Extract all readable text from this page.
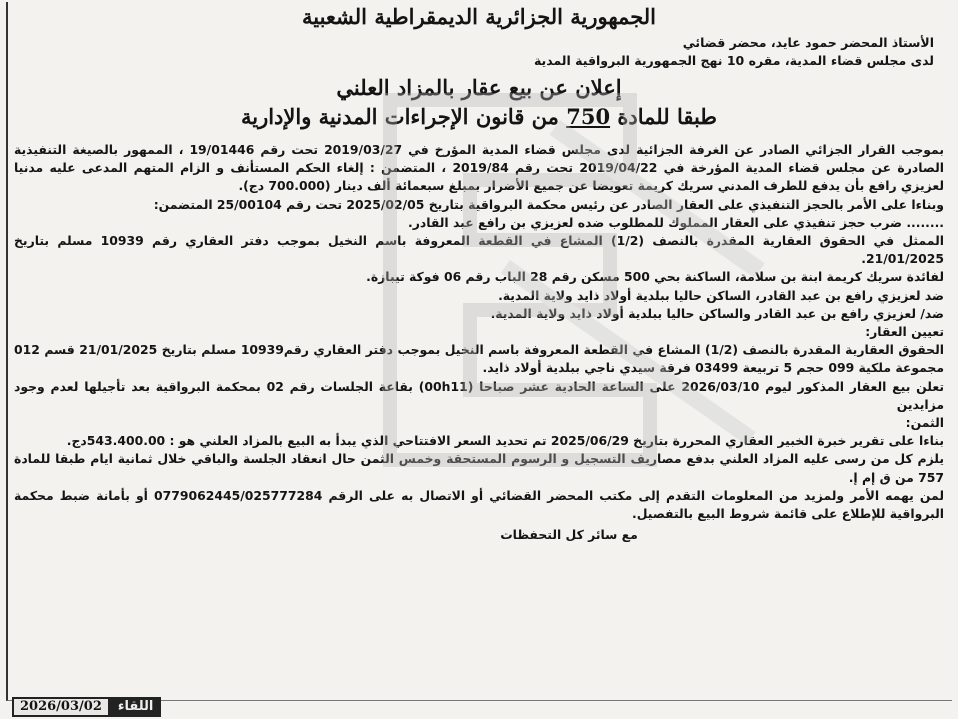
الجمهورية الجزائرية الديمقراطية الشعبية

الأستاذ المحضر حمود عايد، محضر قضائي

لدى مجلس قضاء المدية، مقره 10 نهج الجمهورية البرواقية المدية

إعلان عن بيع عقار بالمزاد العلني
طبقا للمادة 750 من قانون الإجراءات المدنية والإدارية

بموجب القرار الجزائي الصادر عن الغرفة الجزائية لدى مجلس قضاء المدية المؤرخ في 2019/03/27 تحت رقم 19/01446 ، الممهور بالصيغة التنفيذية الصادرة عن مجلس قضاء المدية المؤرخة في 2019/04/22 تحت رقم 2019/84 ، المتضمن : إلغاء الحكم المستأنف و الزام المتهم المدعى عليه مدنيا لعزيزي رافع بأن يدفع للطرف المدني سريك كريمة تعويضا عن جميع الأضرار بمبلغ سبعمائة ألف دينار (700.000 دج).

وبناءا على الأمر بالحجز التنفيذي على العقار الصادر عن رئيس محكمة البرواقية بتاريخ 2025/02/05 تحت رقم 25/00104 المتضمن:

........ ضرب حجز تنفيذي على العقار المملوك للمطلوب ضده لعزيزي بن رافع عبد القادر.

الممثل في الحقوق العقارية المقدرة بالنصف (1/2) المشاع في القطعة المعروفة باسم النخيل بموجب دفتر العقاري رقم 10939 مسلم بتاريخ 21/01/2025.

لفائدة سريك كريمة ابنة بن سلامة، الساكنة بحي 500 مسكن رقم 28 الباب رقم 06 فوكة تيبازة.

ضد لعزيزي رافع بن عبد القادر، الساكن حاليا ببلدية أولاد ذايد ولاية المدية.

ضد/ لعزيزي رافع بن عبد القادر والساكن حاليا ببلدية أولاد ذايد ولاية المدية.

تعيين العقار:

الحقوق العقارية المقدرة بالنصف (1/2) المشاع في القطعة المعروفة باسم النخيل بموجب دفتر العقاري رقم10939 مسلم بتاريخ 21/01/2025 قسم 012 مجموعة ملكية 099 حجم 5 تربيعة 03499 فرقة سيدي ناجي ببلدية أولاد ذايد.

تعلن بيع العقار المذكور ليوم 2026/03/10 على الساعة الحادية عشر صباحا (00h11) بقاعة الجلسات رقم 02 بمحكمة البرواقية بعد تأجيلها لعدم وجود مزايدين

الثمن:

بناءا على تقرير خبرة الخبير العقاري المحررة بتاريخ 2025/06/29 تم تحديد السعر الافتتاحي الذي يبدأ به البيع بالمزاد العلني هو : 543.400.00دج.

يلزم كل من رسى عليه المزاد العلني بدفع مصاريف التسجيل و الرسوم المستحقة وخمس الثمن حال انعقاد الجلسة والباقي خلال ثمانية ايام طبقا للمادة 757 من ق إم إ.

لمن يهمه الأمر ولمزيد من المعلومات التقدم إلى مكتب المحضر القضائي أو الاتصال به على الرقم 0779062445/025777284 أو بأمانة ضبط محكمة البرواقية للإطلاع على قائمة شروط البيع بالتفصيل.

مع سائر كل التحفظات

2026/03/02	اللقاء
